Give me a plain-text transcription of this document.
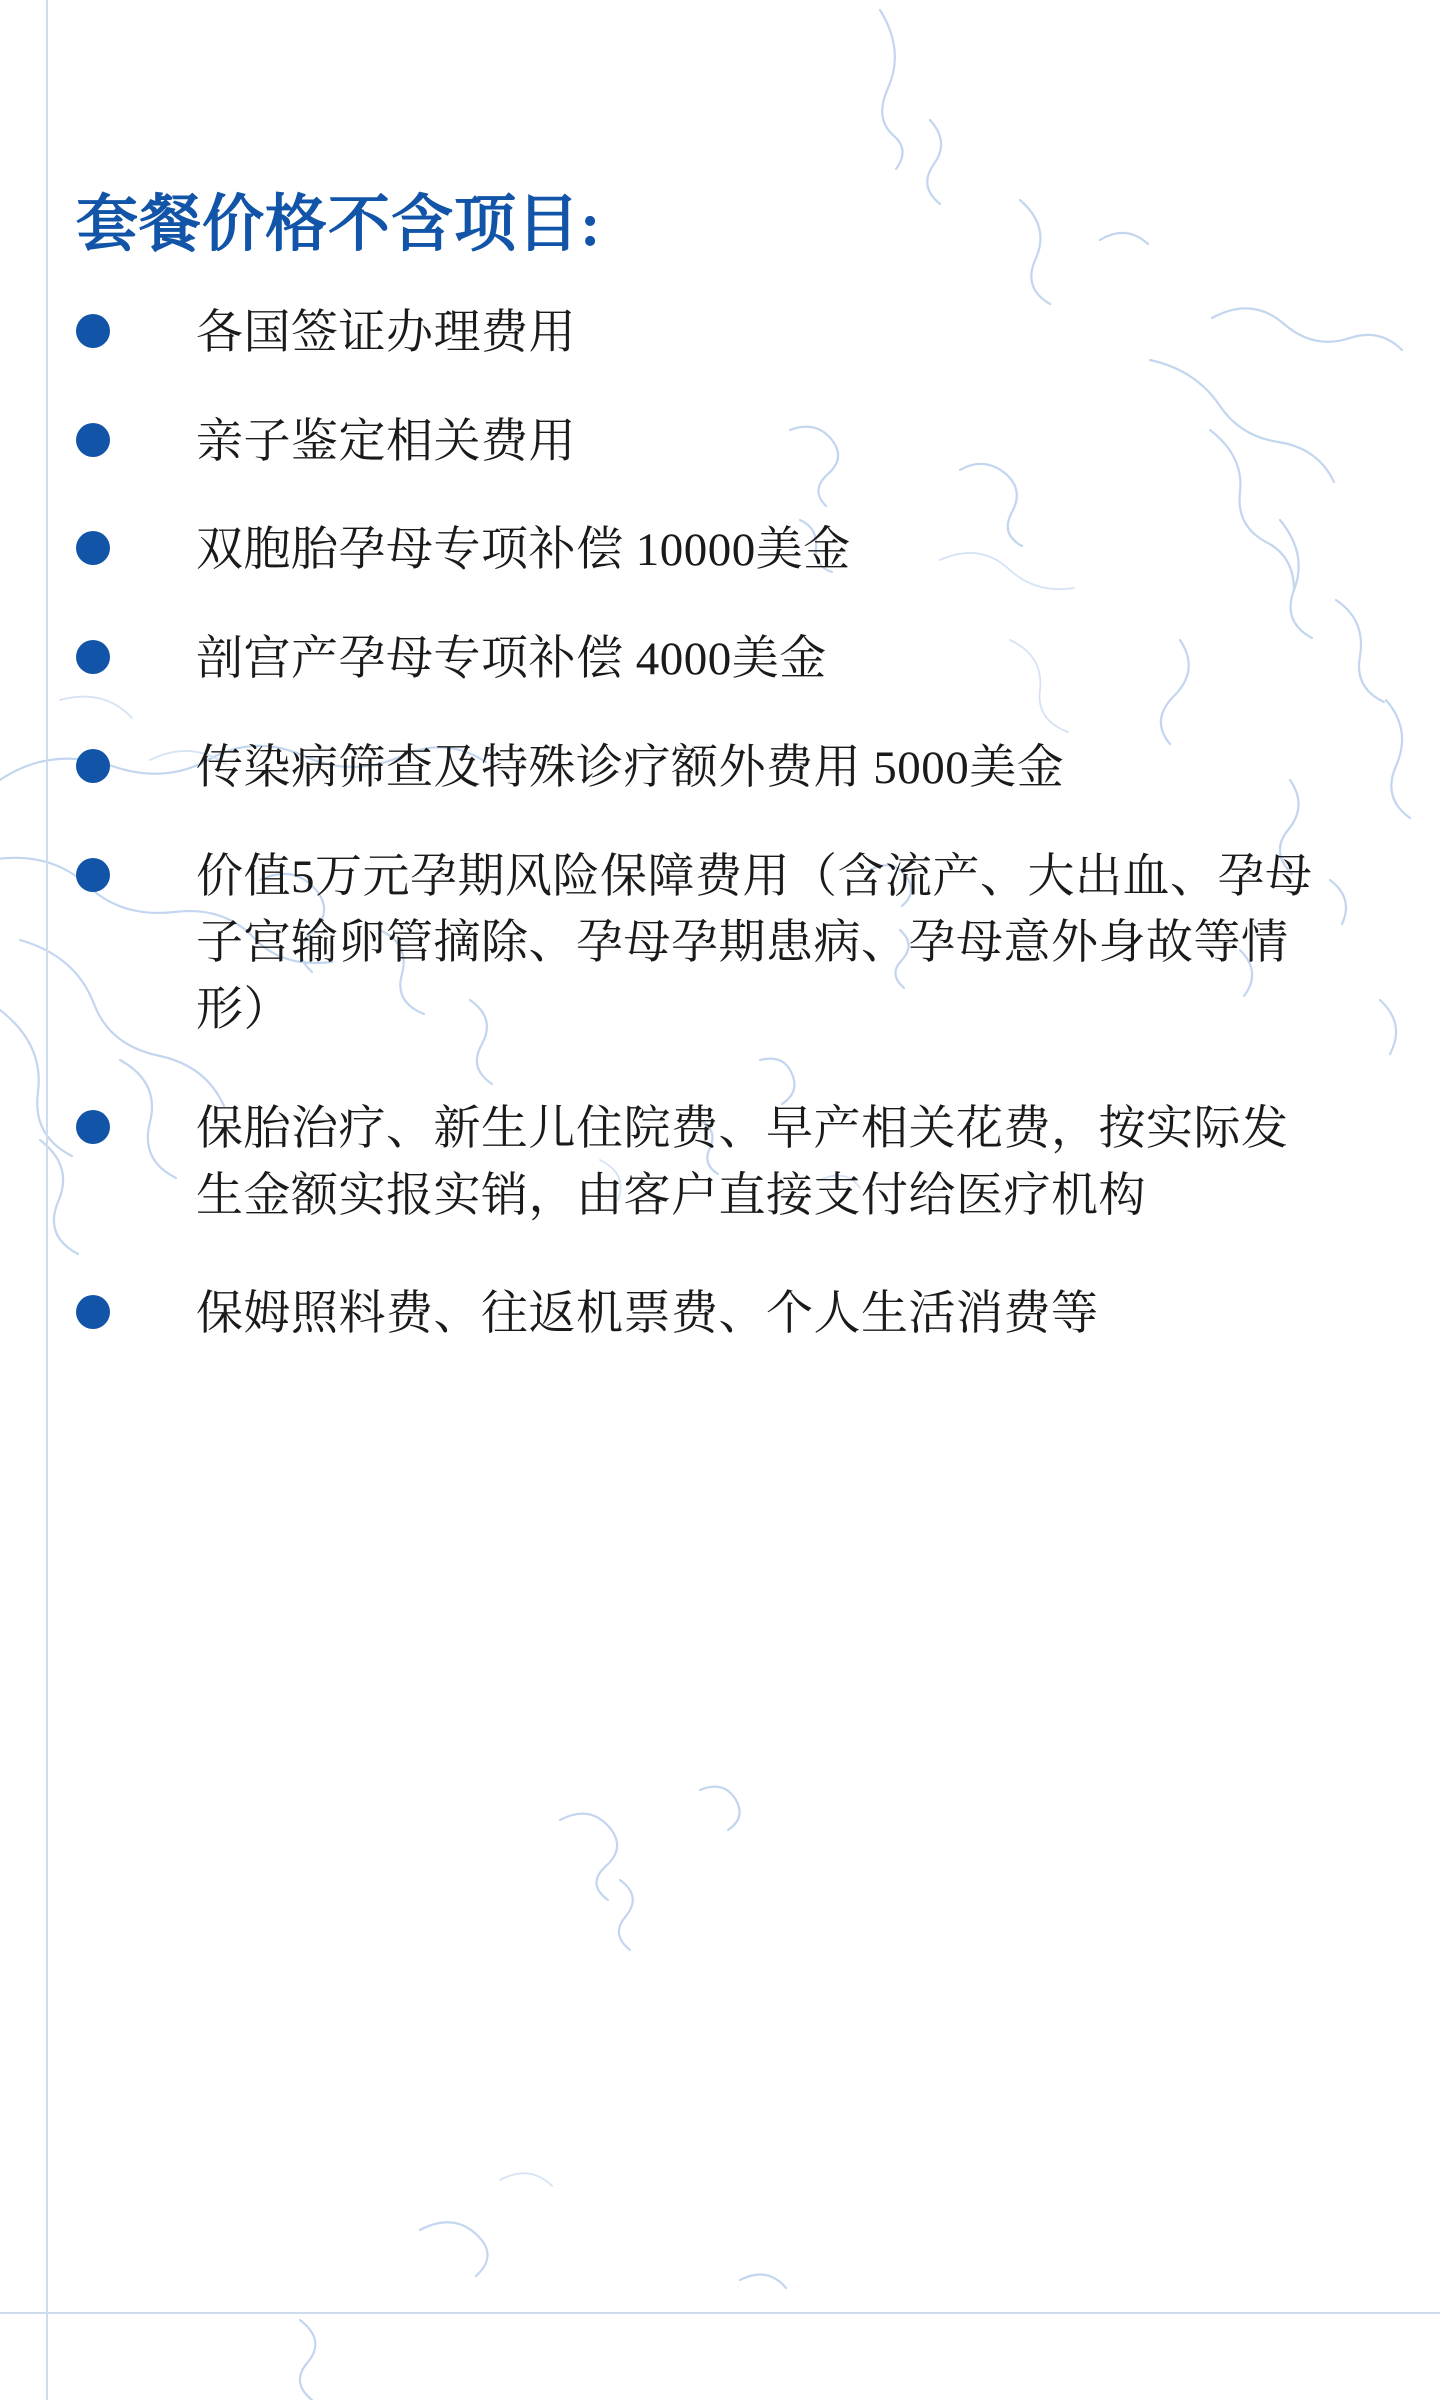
套餐价格不含项目:
各国签证办理费用
亲子鉴定相关费用
双胞胎孕母专项补偿 10000美金
剖宫产孕母专项补偿 4000美金
传染病筛查及特殊诊疗额外费用 5000美金
价值5万元孕期风险保障费用（含流产、大出血、孕母子宫输卵管摘除、孕母孕期患病、孕母意外身故等情形）
保胎治疗、新生儿住院费、早产相关花费，按实际发生金额实报实销，由客户直接支付给医疗机构
保姆照料费、往返机票费、个人生活消费等
